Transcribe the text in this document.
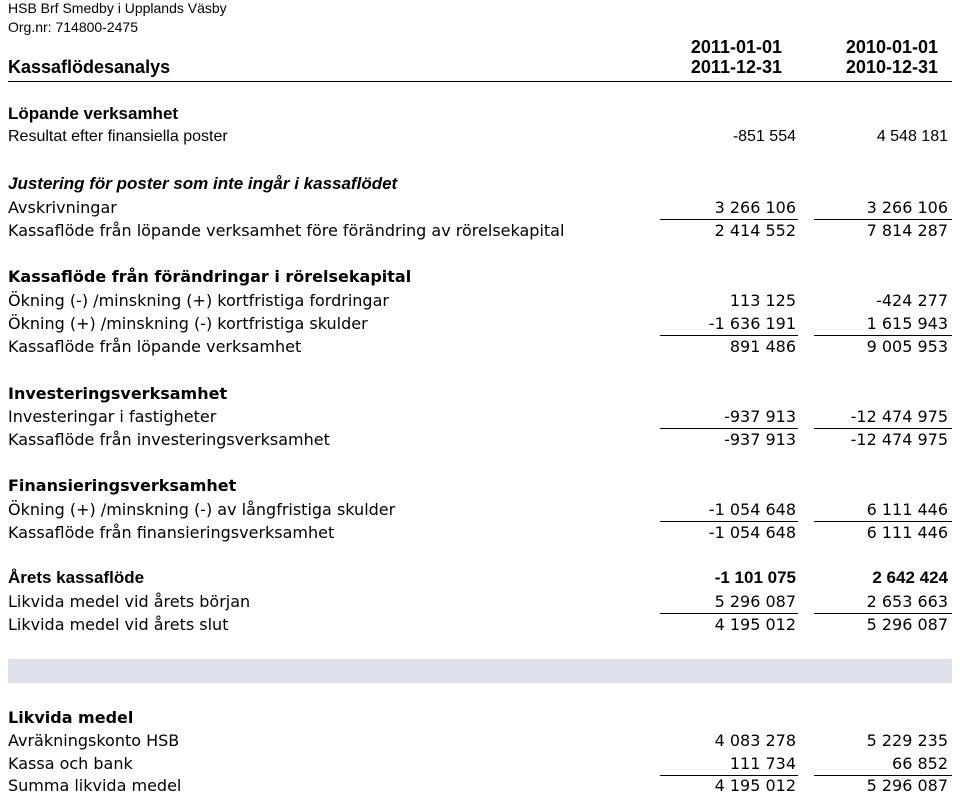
HSB Brf Smedby i Upplands Väsby
Org.nr: 714800-2475
2011-01-01
2011-12-31
2010-01-01
2010-12-31
Kassaflödesanalys
Löpande verksamhet
Resultat efter finansiella poster	-851 554	4 548 181
Justering för poster som inte ingår i kassaflödet
Avskrivningar	3 266 106	3 266 106
Kassaflöde från löpande verksamhet före förändring av rörelsekapital	2 414 552	7 814 287
Kassaflöde från förändringar i rörelsekapital
Ökning (-) /minskning (+) kortfristiga fordringar	113 125	-424 277
Ökning (+) /minskning (-) kortfristiga skulder	-1 636 191	1 615 943
Kassaflöde från löpande verksamhet	891 486	9 005 953
Investeringsverksamhet
Investeringar i fastigheter	-937 913	-12 474 975
Kassaflöde från investeringsverksamhet	-937 913	-12 474 975
Finansieringsverksamhet
Ökning (+) /minskning (-) av långfristiga skulder	-1 054 648	6 111 446
Kassaflöde från finansieringsverksamhet	-1 054 648	6 111 446
Årets kassaflöde	-1 101 075	2 642 424
Likvida medel vid årets början	5 296 087	2 653 663
Likvida medel vid årets slut	4 195 012	5 296 087
Likvida medel
Avräkningskonto HSB	4 083 278	5 229 235
Kassa och bank	111 734	66 852
Summa likvida medel	4 195 012	5 296 087
